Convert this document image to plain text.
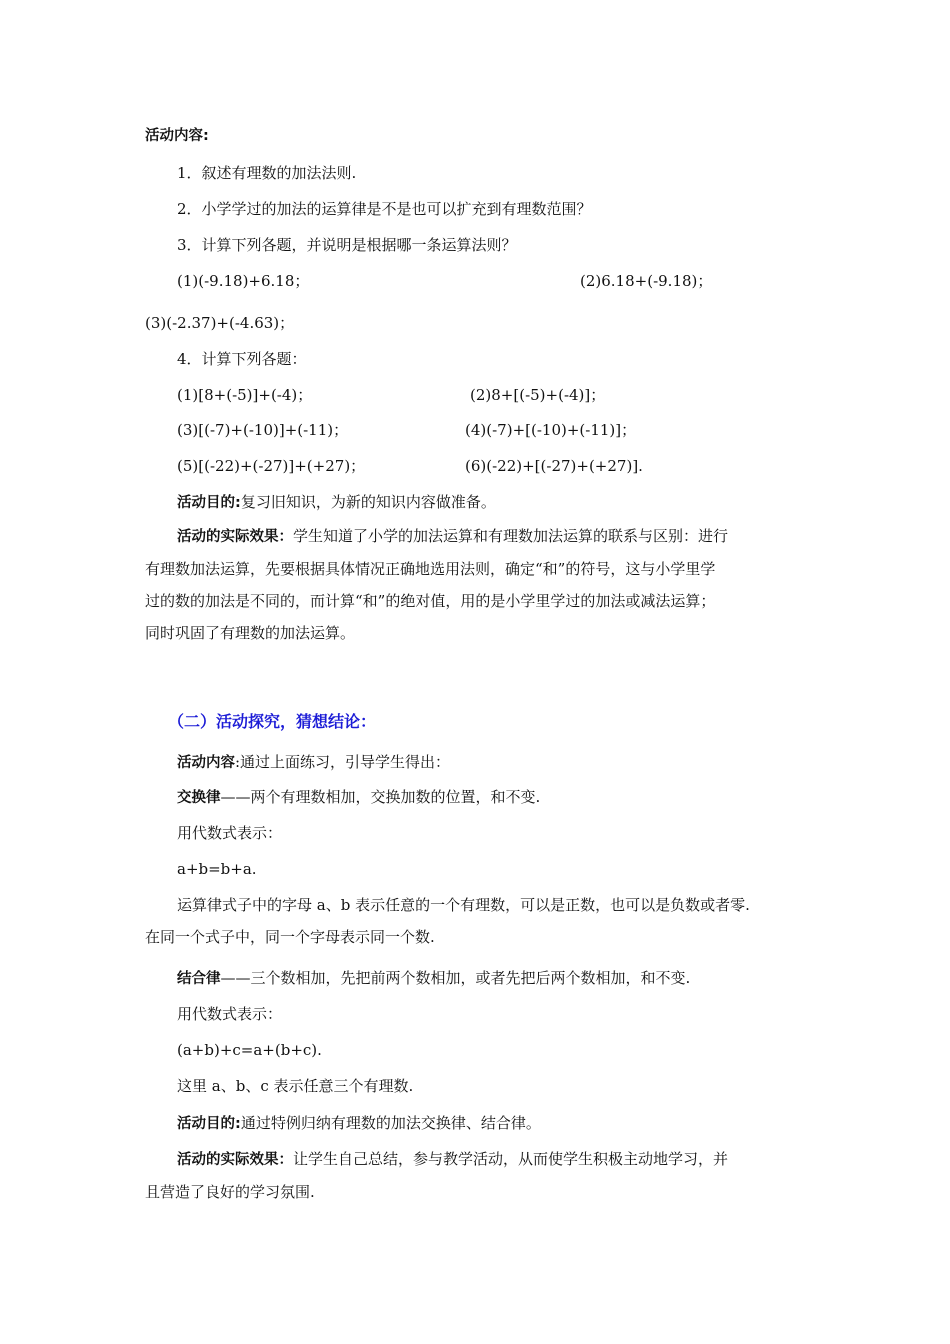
活动内容:
1．叙述有理数的加法法则.
2．小学学过的加法的运算律是不是也可以扩充到有理数范围？
3．计算下列各题，并说明是根据哪一条运算法则？
(1)(-9.18)+6.18；	(2)6.18+(-9.18)；
(3)(-2.37)+(-4.63)；
4．计算下列各题：
(1)[8+(-5)]+(-4)；	(2)8+[(-5)+(-4)]；
(3)[(-7)+(-10)]+(-11)；	(4)(-7)+[(-10)+(-11)]；
(5)[(-22)+(-27)]+(+27)；	(6)(-22)+[(-27)+(+27)].
活动目的:复习旧知识，为新的知识内容做准备。
活动的实际效果：学生知道了小学的加法运算和有理数加法运算的联系与区别：进行
有理数加法运算，先要根据具体情况正确地选用法则，确定“和”的符号，这与小学里学
过的数的加法是不同的，而计算“和”的绝对值，用的是小学里学过的加法或减法运算；
同时巩固了有理数的加法运算。
（二）活动探究，猜想结论：
活动内容:通过上面练习，引导学生得出：
交换律——两个有理数相加，交换加数的位置，和不变.
用代数式表示：
a+b=b+a.
运算律式子中的字母 a、b 表示任意的一个有理数，可以是正数，也可以是负数或者零.
在同一个式子中，同一个字母表示同一个数.
结合律——三个数相加，先把前两个数相加，或者先把后两个数相加，和不变.
用代数式表示：
(a+b)+c=a+(b+c).
这里 a、b、c 表示任意三个有理数.
活动目的:通过特例归纳有理数的加法交换律、结合律。
活动的实际效果：让学生自己总结，参与教学活动，从而使学生积极主动地学习，并
且营造了良好的学习氛围.
